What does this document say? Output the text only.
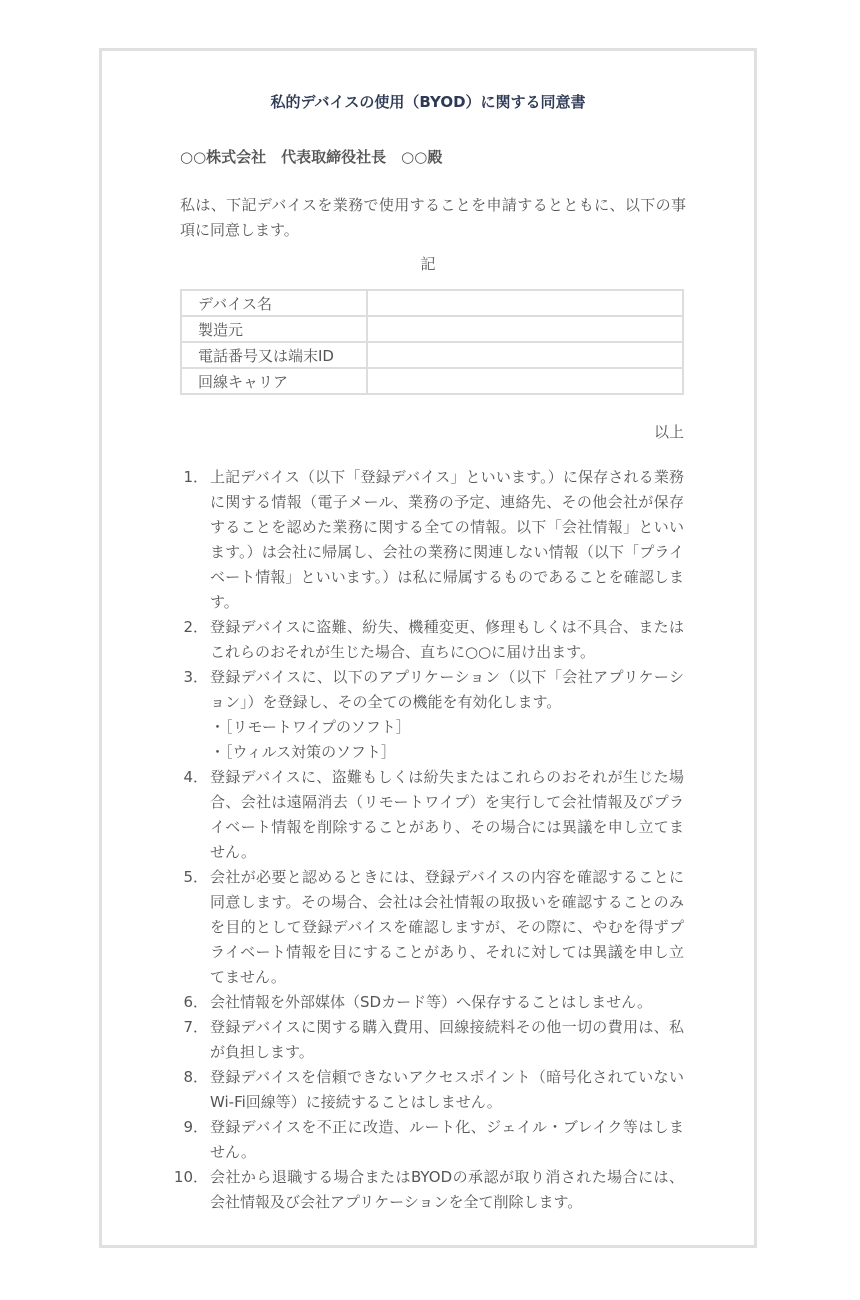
私的デバイスの使用（BYOD）に関する同意書
○○株式会社　代表取締役社長　○○殿
私は、下記デバイスを業務で使用することを申請するとともに、以下の事項に同意します。
記
デバイス名	
製造元	
電話番号又は端末ID	
回線キャリア	
以上
1． 上記デバイス（以下「登録デバイス」といいます。）に保存される業務に関する情報（電子メール、業務の予定、連絡先、その他会社が保存することを認めた業務に関する全ての情報。以下「会社情報」といいます。）は会社に帰属し、会社の業務に関連しない情報（以下「プライベート情報」といいます。）は私に帰属するものであることを確認します。
2． 登録デバイスに盗難、紛失、機種変更、修理もしくは不具合、またはこれらのおそれが生じた場合、直ちに○○に届け出ます。
3． 登録デバイスに、以下のアプリケーション（以下「会社アプリケーション」）を登録し、その全ての機能を有効化します。
・［リモートワイプのソフト］
・［ウィルス対策のソフト］
4． 登録デバイスに、盗難もしくは紛失またはこれらのおそれが生じた場合、会社は遠隔消去（リモートワイプ）を実行して会社情報及びプライベート情報を削除することがあり、その場合には異議を申し立てません。
5． 会社が必要と認めるときには、登録デバイスの内容を確認することに同意します。その場合、会社は会社情報の取扱いを確認することのみを目的として登録デバイスを確認しますが、その際に、やむを得ずプライベート情報を目にすることがあり、それに対しては異議を申し立てません。
6． 会社情報を外部媒体（SDカード等）へ保存することはしません。
7． 登録デバイスに関する購入費用、回線接続料その他一切の費用は、私が負担します。
8． 登録デバイスを信頼できないアクセスポイント（暗号化されていないWi-Fi回線等）に接続することはしません。
9． 登録デバイスを不正に改造、ルート化、ジェイル・ブレイク等はしません。
10． 会社から退職する場合またはBYODの承認が取り消された場合には、会社情報及び会社アプリケーションを全て削除します。
